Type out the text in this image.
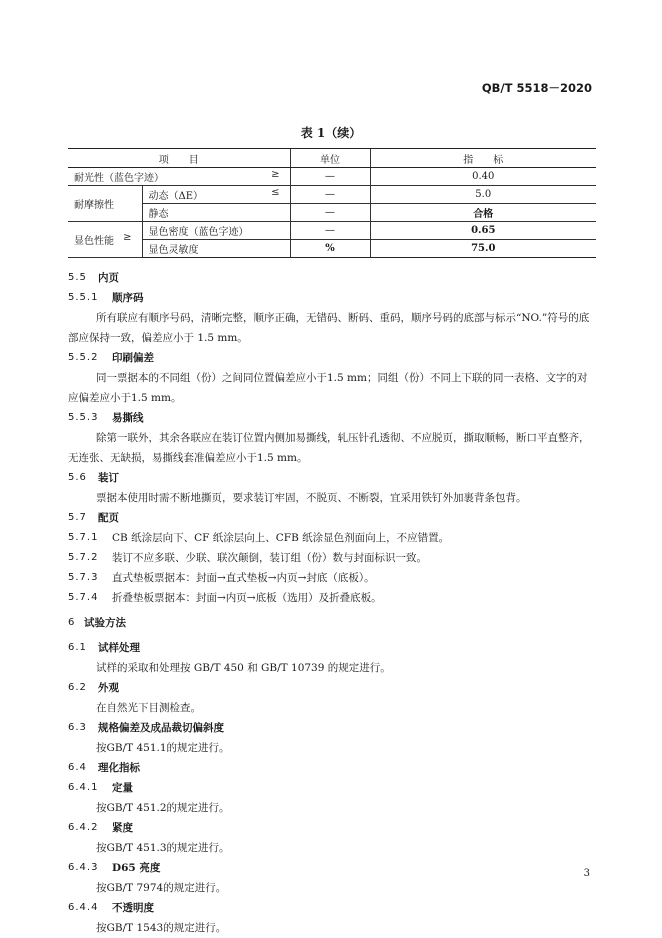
QB/T 5518－2020
表 1（续）
项　　目		单位	指　　标
耐光性（蓝色字迹） ≥		—	0.40
耐摩擦性	动态（ΔE） ≤	—	5.0
	静态	—	合格
显色性能 ≥	显色密度（蓝色字迹）	—	0.65
	显色灵敏度	%	75.0
5.5	内页
5.5.1	顺序码
所有联应有顺序号码，清晰完整，顺序正确，无错码、断码、重码，顺序号码的底部与标示“NO.”符号的底部应保持一致，偏差应小于 1.5 mm。
5.5.2	印刷偏差
同一票据本的不同组（份）之间同位置偏差应小于1.5 mm；同组（份）不同上下联的同一表格、文字的对应偏差应小于1.5 mm。
5.5.3	易撕线
除第一联外，其余各联应在装订位置内侧加易撕线，轧压针孔透彻、不应脱页，撕取顺畅，断口平直整齐，无连张、无缺损，易撕线套准偏差应小于1.5 mm。
5.6	装订
票据本使用时需不断地撕页，要求装订牢固，不脱页、不断裂，宜采用铁钉外加裹背条包背。
5.7	配页
5.7.1	CB 纸涂层向下、CF 纸涂层向上、CFB 纸涂显色剂面向上，不应错置。
5.7.2	装订不应多联、少联、联次颠倒，装订组（份）数与封面标识一致。
5.7.3	直式垫板票据本：封面→直式垫板→内页→封底（底板）。
5.7.4	折叠垫板票据本：封面→内页→底板（选用）及折叠底板。
6 试验方法
6.1	试样处理
试样的采取和处理按 GB/T 450 和 GB/T 10739 的规定进行。
6.2	外观
在自然光下目测检查。
6.3	规格偏差及成品裁切偏斜度
按GB/T 451.1的规定进行。
6.4	理化指标
6.4.1	定量
按GB/T 451.2的规定进行。
6.4.2	紧度
按GB/T 451.3的规定进行。
6.4.3	D65 亮度
按GB/T 7974的规定进行。
6.4.4	不透明度
按GB/T 1543的规定进行。
3
